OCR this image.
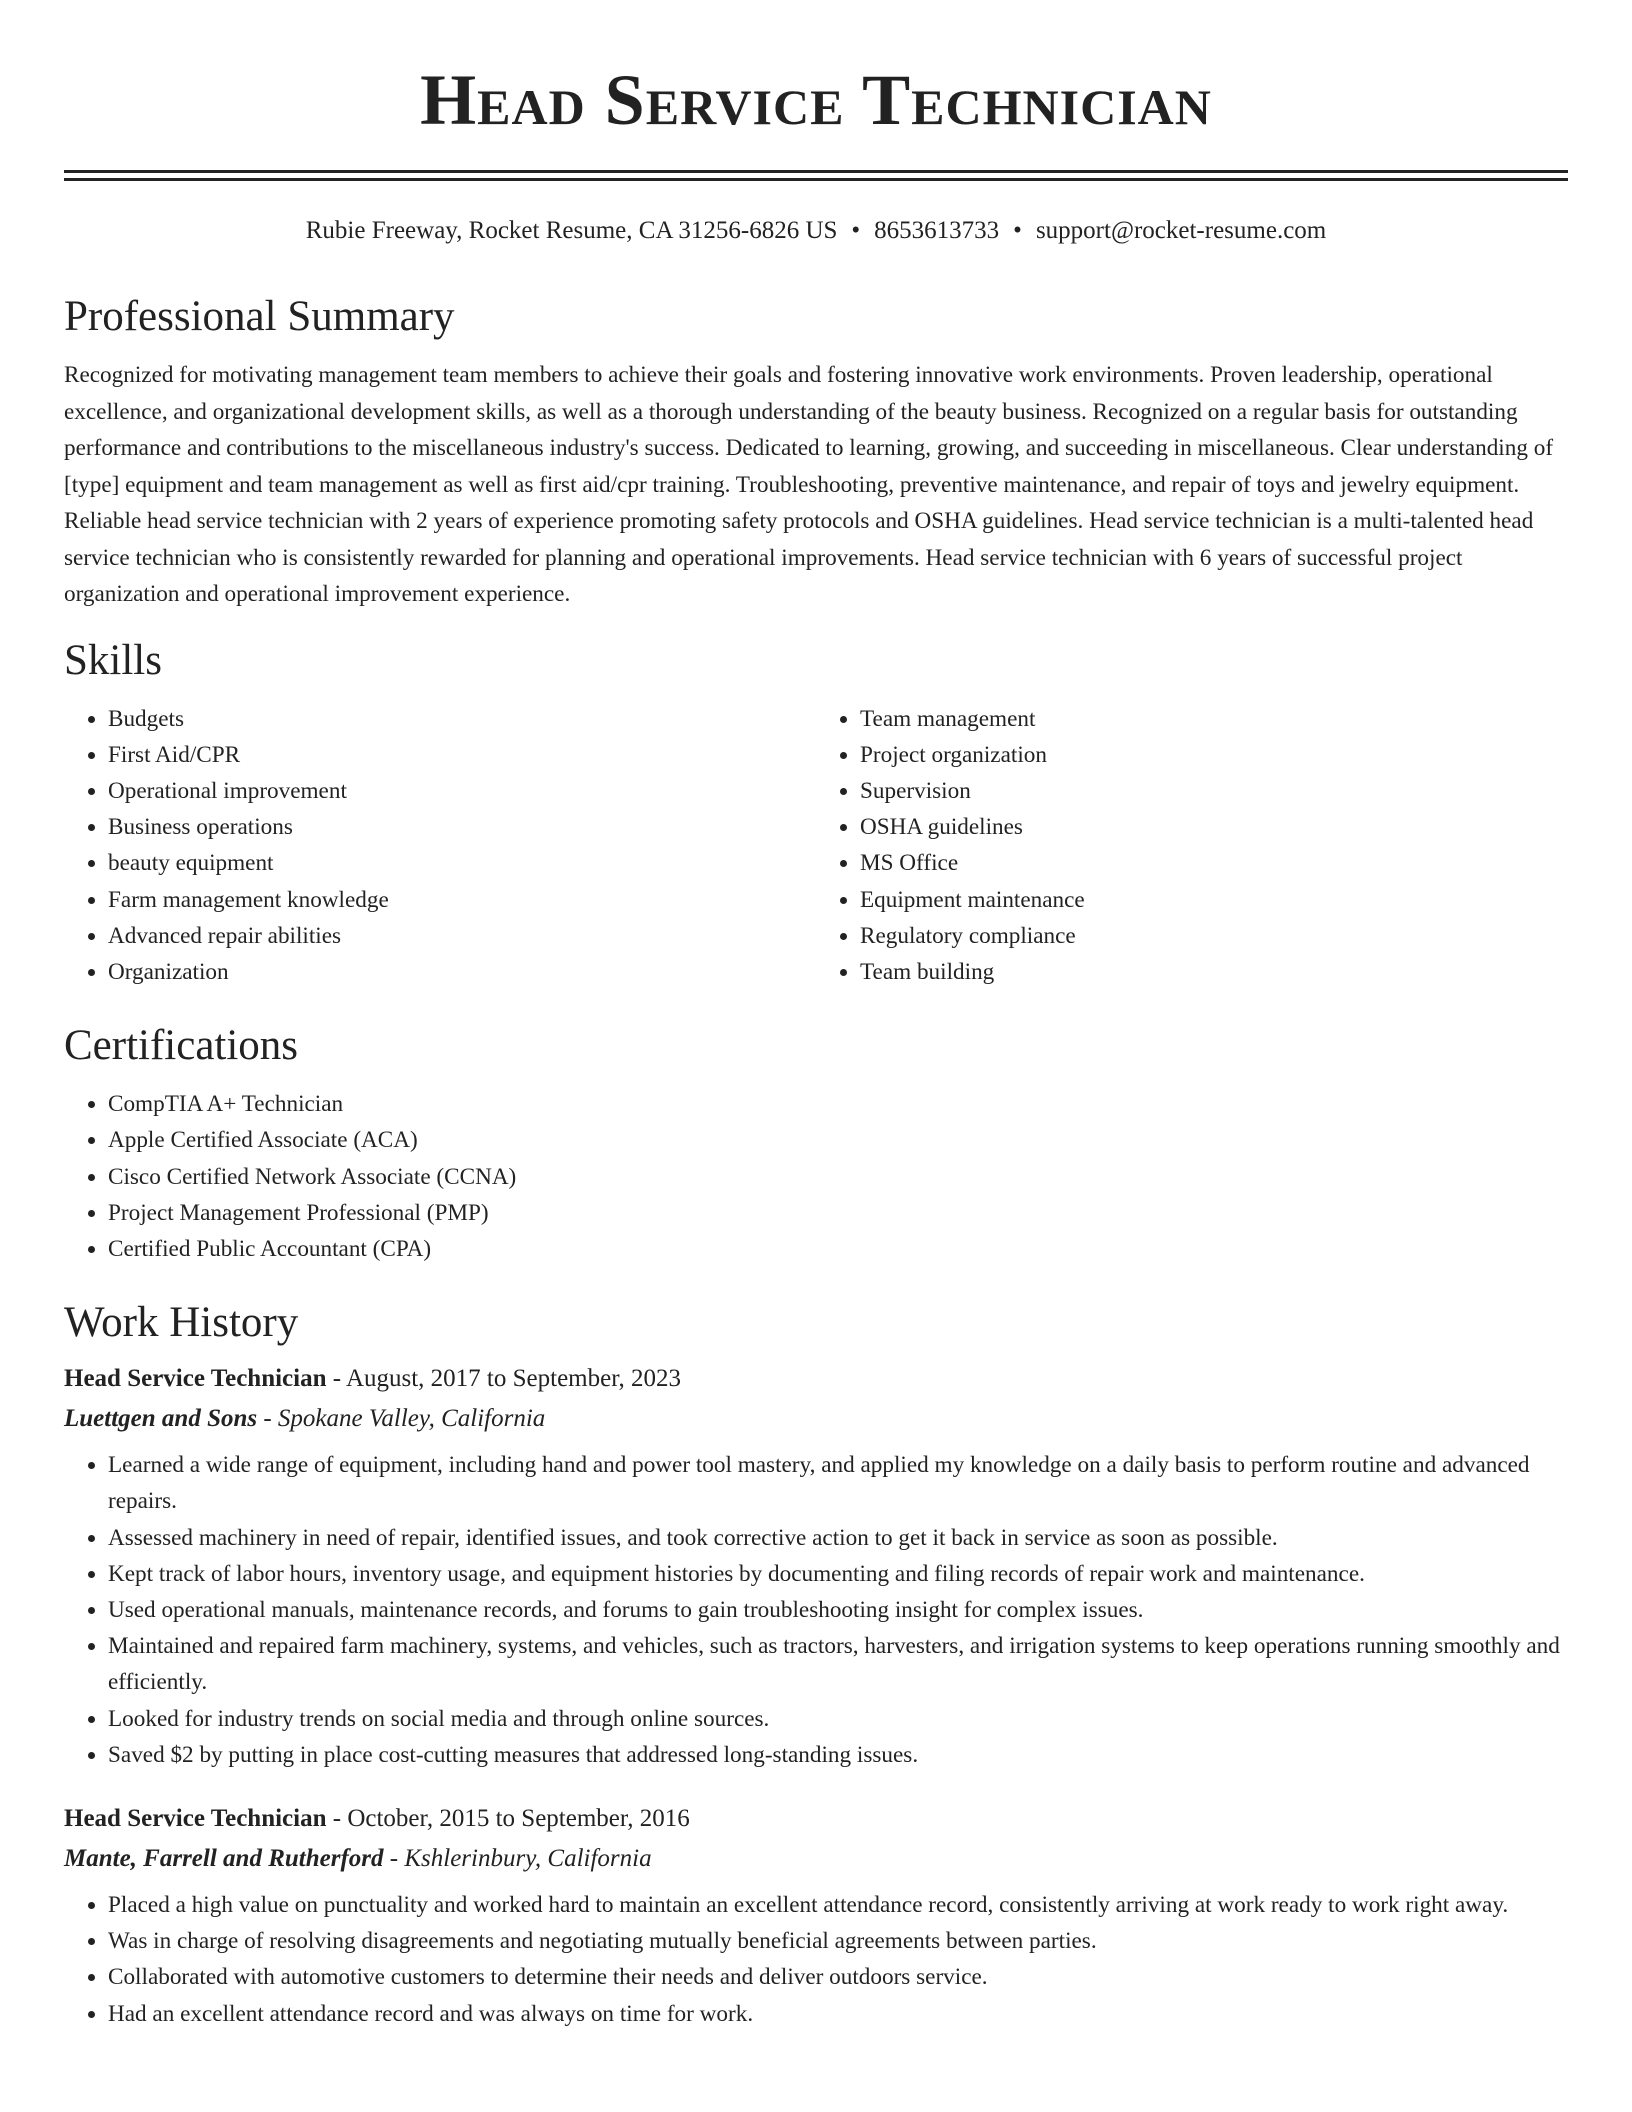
Head Service Technician
Rubie Freeway, Rocket Resume, CA 31256-6826 US • 8653613733 • support@rocket-resume.com
Professional Summary

Recognized for motivating management team members to achieve their goals and fostering innovative work environments. Proven leadership, operational excellence, and organizational development skills, as well as a thorough understanding of the beauty business. Recognized on a regular basis for outstanding performance and contributions to the miscellaneous industry's success. Dedicated to learning, growing, and succeeding in miscellaneous. Clear understanding of [type] equipment and team management as well as first aid/cpr training. Troubleshooting, preventive maintenance, and repair of toys and jewelry equipment. Reliable head service technician with 2 years of experience promoting safety protocols and OSHA guidelines. Head service technician is a multi-talented head service technician who is consistently rewarded for planning and operational improvements. Head service technician with 6 years of successful project organization and operational improvement experience.

Skills
• Budgets
• First Aid/CPR
• Operational improvement
• Business operations
• beauty equipment
• Farm management knowledge
• Advanced repair abilities
• Organization
• Team management
• Project organization
• Supervision
• OSHA guidelines
• MS Office
• Equipment maintenance
• Regulatory compliance
• Team building
Certifications
• CompTIA A+ Technician
• Apple Certified Associate (ACA)
• Cisco Certified Network Associate (CCNA)
• Project Management Professional (PMP)
• Certified Public Accountant (CPA)
Work History
Head Service Technician - August, 2017 to September, 2023
Luettgen and Sons - Spokane Valley, California
• Learned a wide range of equipment, including hand and power tool mastery, and applied my knowledge on a daily basis to perform routine and advanced repairs.
• Assessed machinery in need of repair, identified issues, and took corrective action to get it back in service as soon as possible.
• Kept track of labor hours, inventory usage, and equipment histories by documenting and filing records of repair work and maintenance.
• Used operational manuals, maintenance records, and forums to gain troubleshooting insight for complex issues.
• Maintained and repaired farm machinery, systems, and vehicles, such as tractors, harvesters, and irrigation systems to keep operations running smoothly and efficiently.
• Looked for industry trends on social media and through online sources.
• Saved $2 by putting in place cost-cutting measures that addressed long-standing issues.
Head Service Technician - October, 2015 to September, 2016
Mante, Farrell and Rutherford - Kshlerinbury, California
• Placed a high value on punctuality and worked hard to maintain an excellent attendance record, consistently arriving at work ready to work right away.
• Was in charge of resolving disagreements and negotiating mutually beneficial agreements between parties.
• Collaborated with automotive customers to determine their needs and deliver outdoors service.
• Had an excellent attendance record and was always on time for work.
